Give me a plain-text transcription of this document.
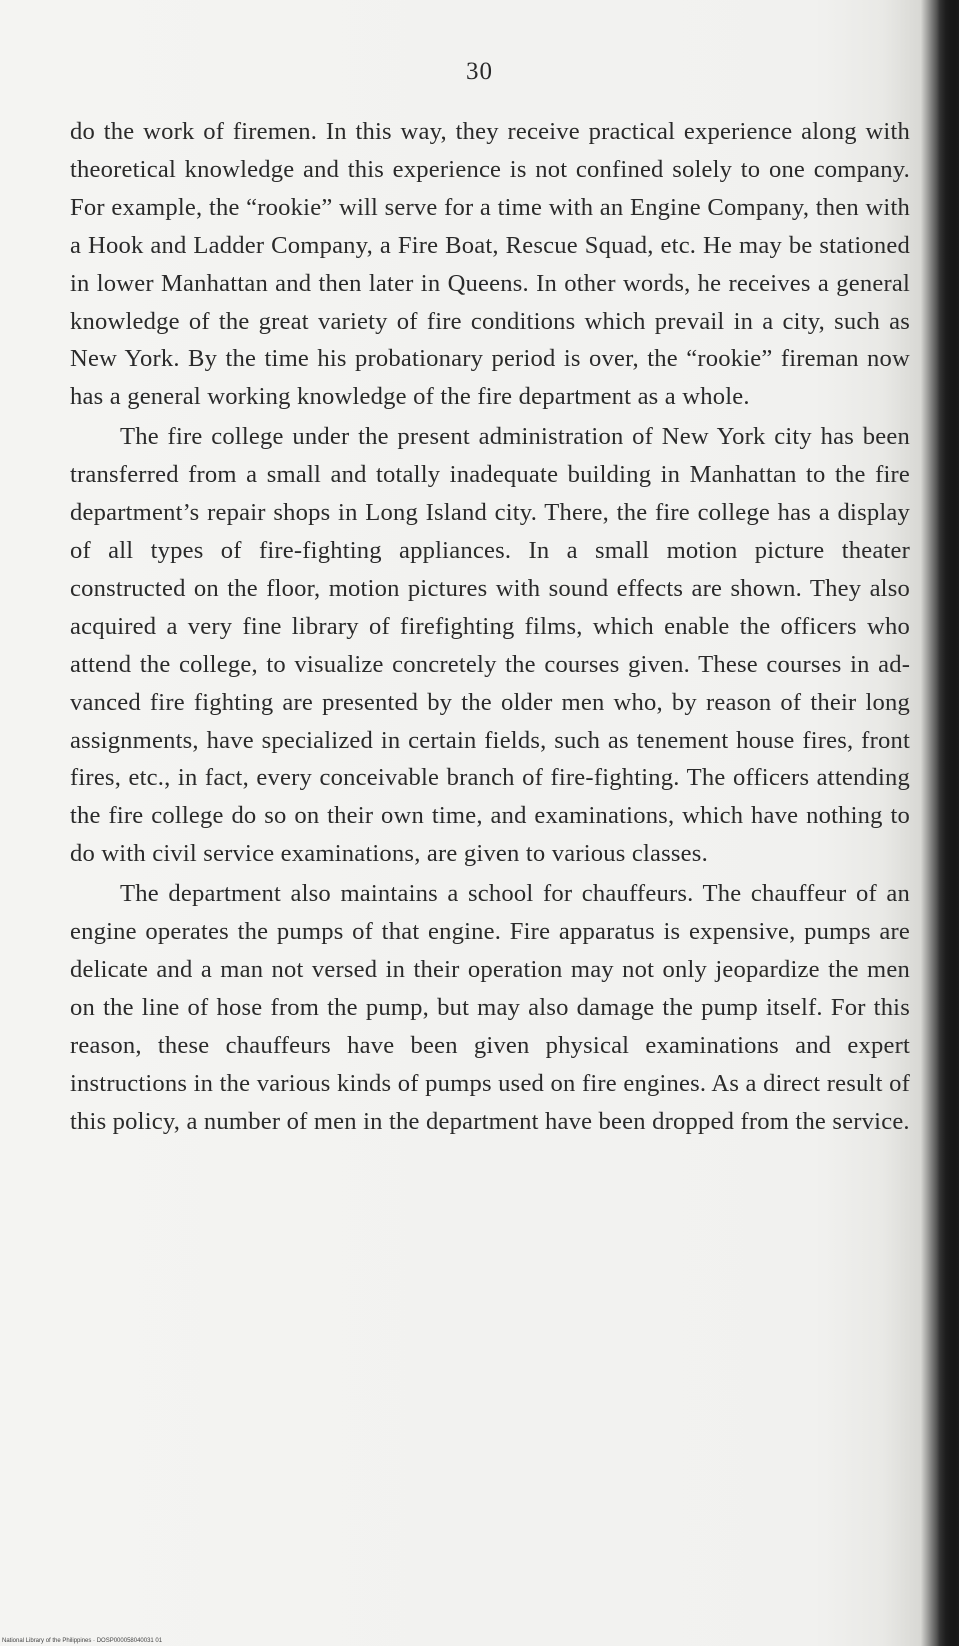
30

do the work of firemen. In this way, they receive practical experience along with theoretical knowledge and this experience is not confined solely to one company. For example, the “rookie” will serve for a time with an Engine Company, then with a Hook and Ladder Company, a Fire Boat, Rescue Squad, etc. He may be stationed in lower Manhattan and then later in Queens. In other words, he receives a general knowledge of the great variety of fire conditions which prevail in a city, such as New York. By the time his probationary period is over, the “rookie” fireman now has a general working knowledge of the fire department as a whole.

The fire college under the present administration of New York city has been transferred from a small and totally inadequate building in Manhattan to the fire department’s repair shops in Long Island city. There, the fire college has a display of all types of fire-fighting appliances. In a small motion picture theater constructed on the floor, motion pictures with sound effects are shown. They also acquired a very fine library of firefighting films, which enable the officers who attend the college, to visualize concretely the courses given. These courses in advanced fire fighting are presented by the older men who, by reason of their long assignments, have specialized in certain fields, such as tenement house fires, front fires, etc., in fact, every conceivable branch of fire-fighting. The officers attending the fire college do so on their own time, and examinations, which have nothing to do with civil service examinations, are given to various classes.

The department also maintains a school for chauffeurs. The chauffeur of an engine operates the pumps of that engine. Fire apparatus is expensive, pumps are delicate and a man not versed in their operation may not only jeopardize the men on the line of hose from the pump, but may also damage the pump itself. For this reason, these chauffeurs have been given physical examinations and expert instructions in the various kinds of pumps used on fire engines. As a direct result of this policy, a number of men in the department have been dropped from the service.

National Library of the Philippines · DOSP000058040031 01
